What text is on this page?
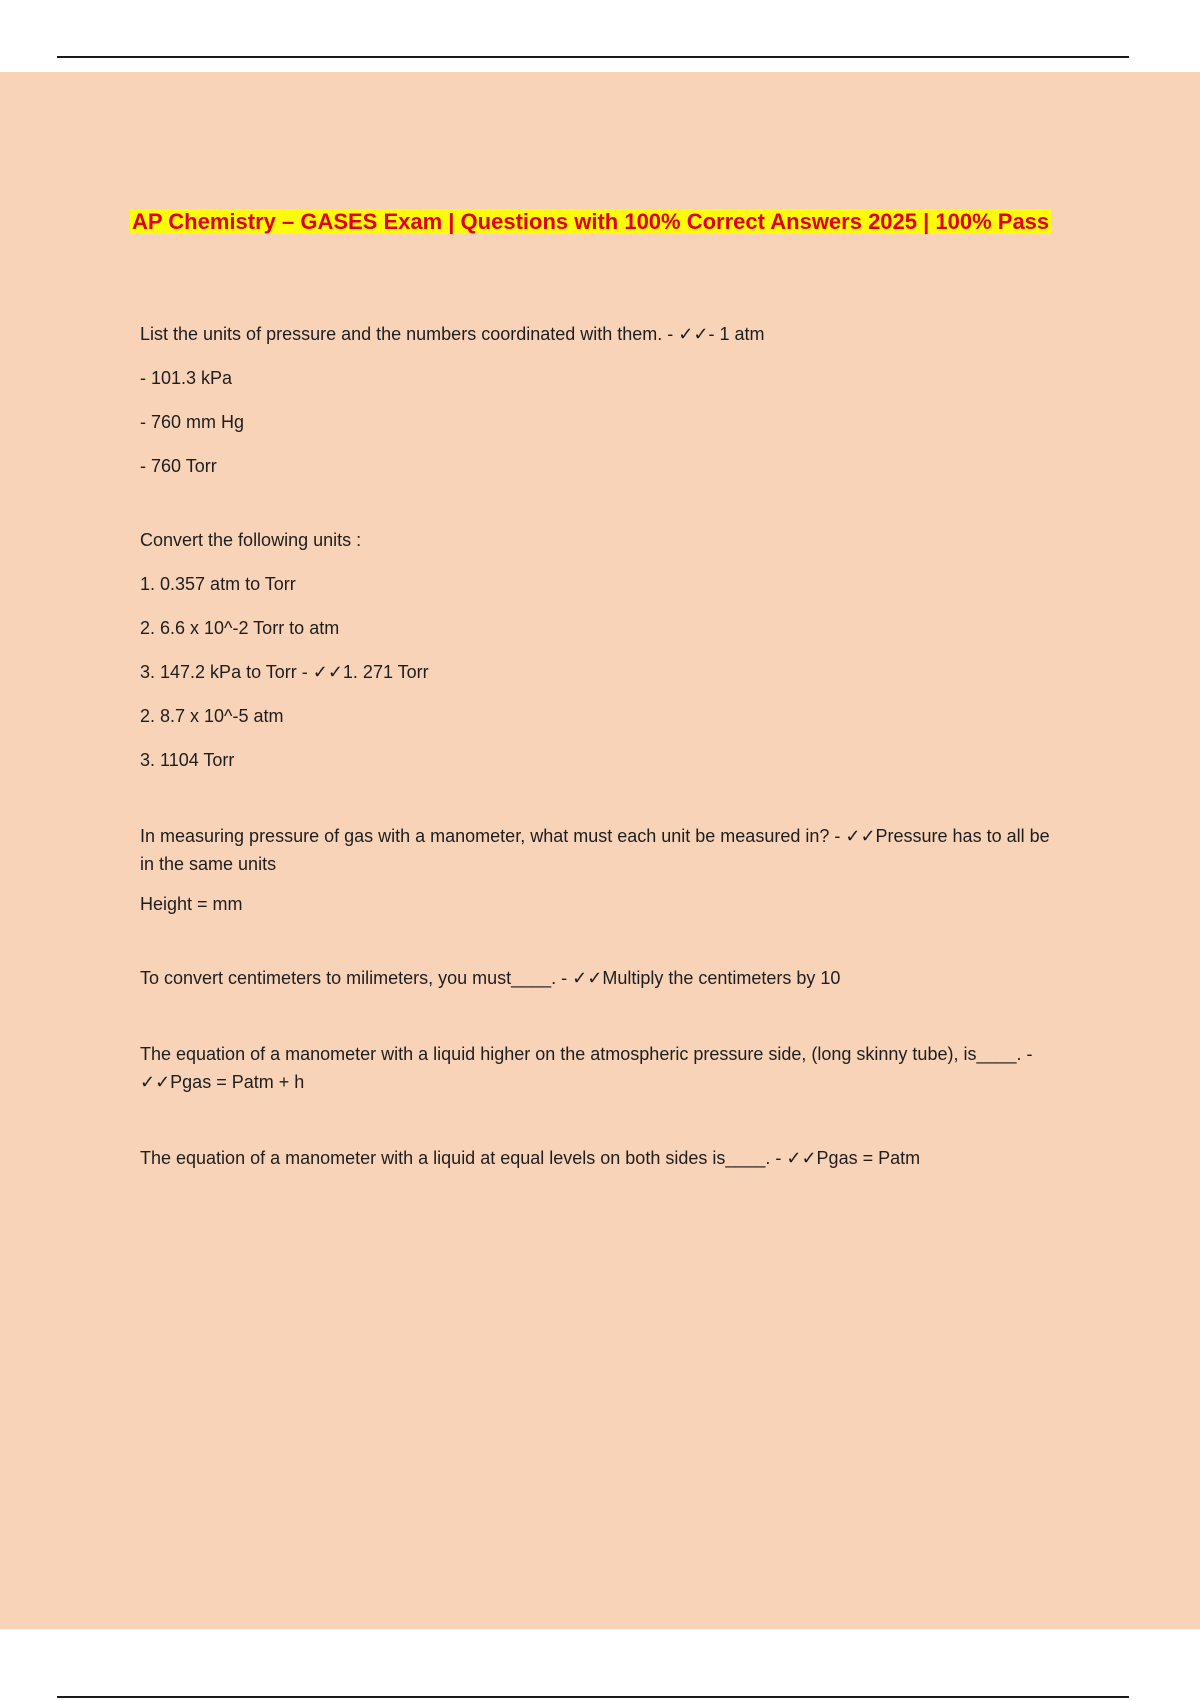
AP Chemistry – GASES Exam | Questions with 100% Correct Answers 2025 | 100% Pass

List the units of pressure and the numbers coordinated with them. - ✓✓- 1 atm

- 101.3 kPa

- 760 mm Hg

- 760 Torr

Convert the following units :

1. 0.357 atm to Torr

2. 6.6 x 10^-2 Torr to atm

3. 147.2 kPa to Torr - ✓✓1. 271 Torr

2. 8.7 x 10^-5 atm

3. 1104 Torr

In measuring pressure of gas with a manometer, what must each unit be measured in? - ✓✓Pressure has to all be in the same units

Height = mm

To convert centimeters to milimeters, you must____. - ✓✓Multiply the centimeters by 10

The equation of a manometer with a liquid higher on the atmospheric pressure side, (long skinny tube), is____. - ✓✓Pgas = Patm + h

The equation of a manometer with a liquid at equal levels on both sides is____. - ✓✓Pgas = Patm
